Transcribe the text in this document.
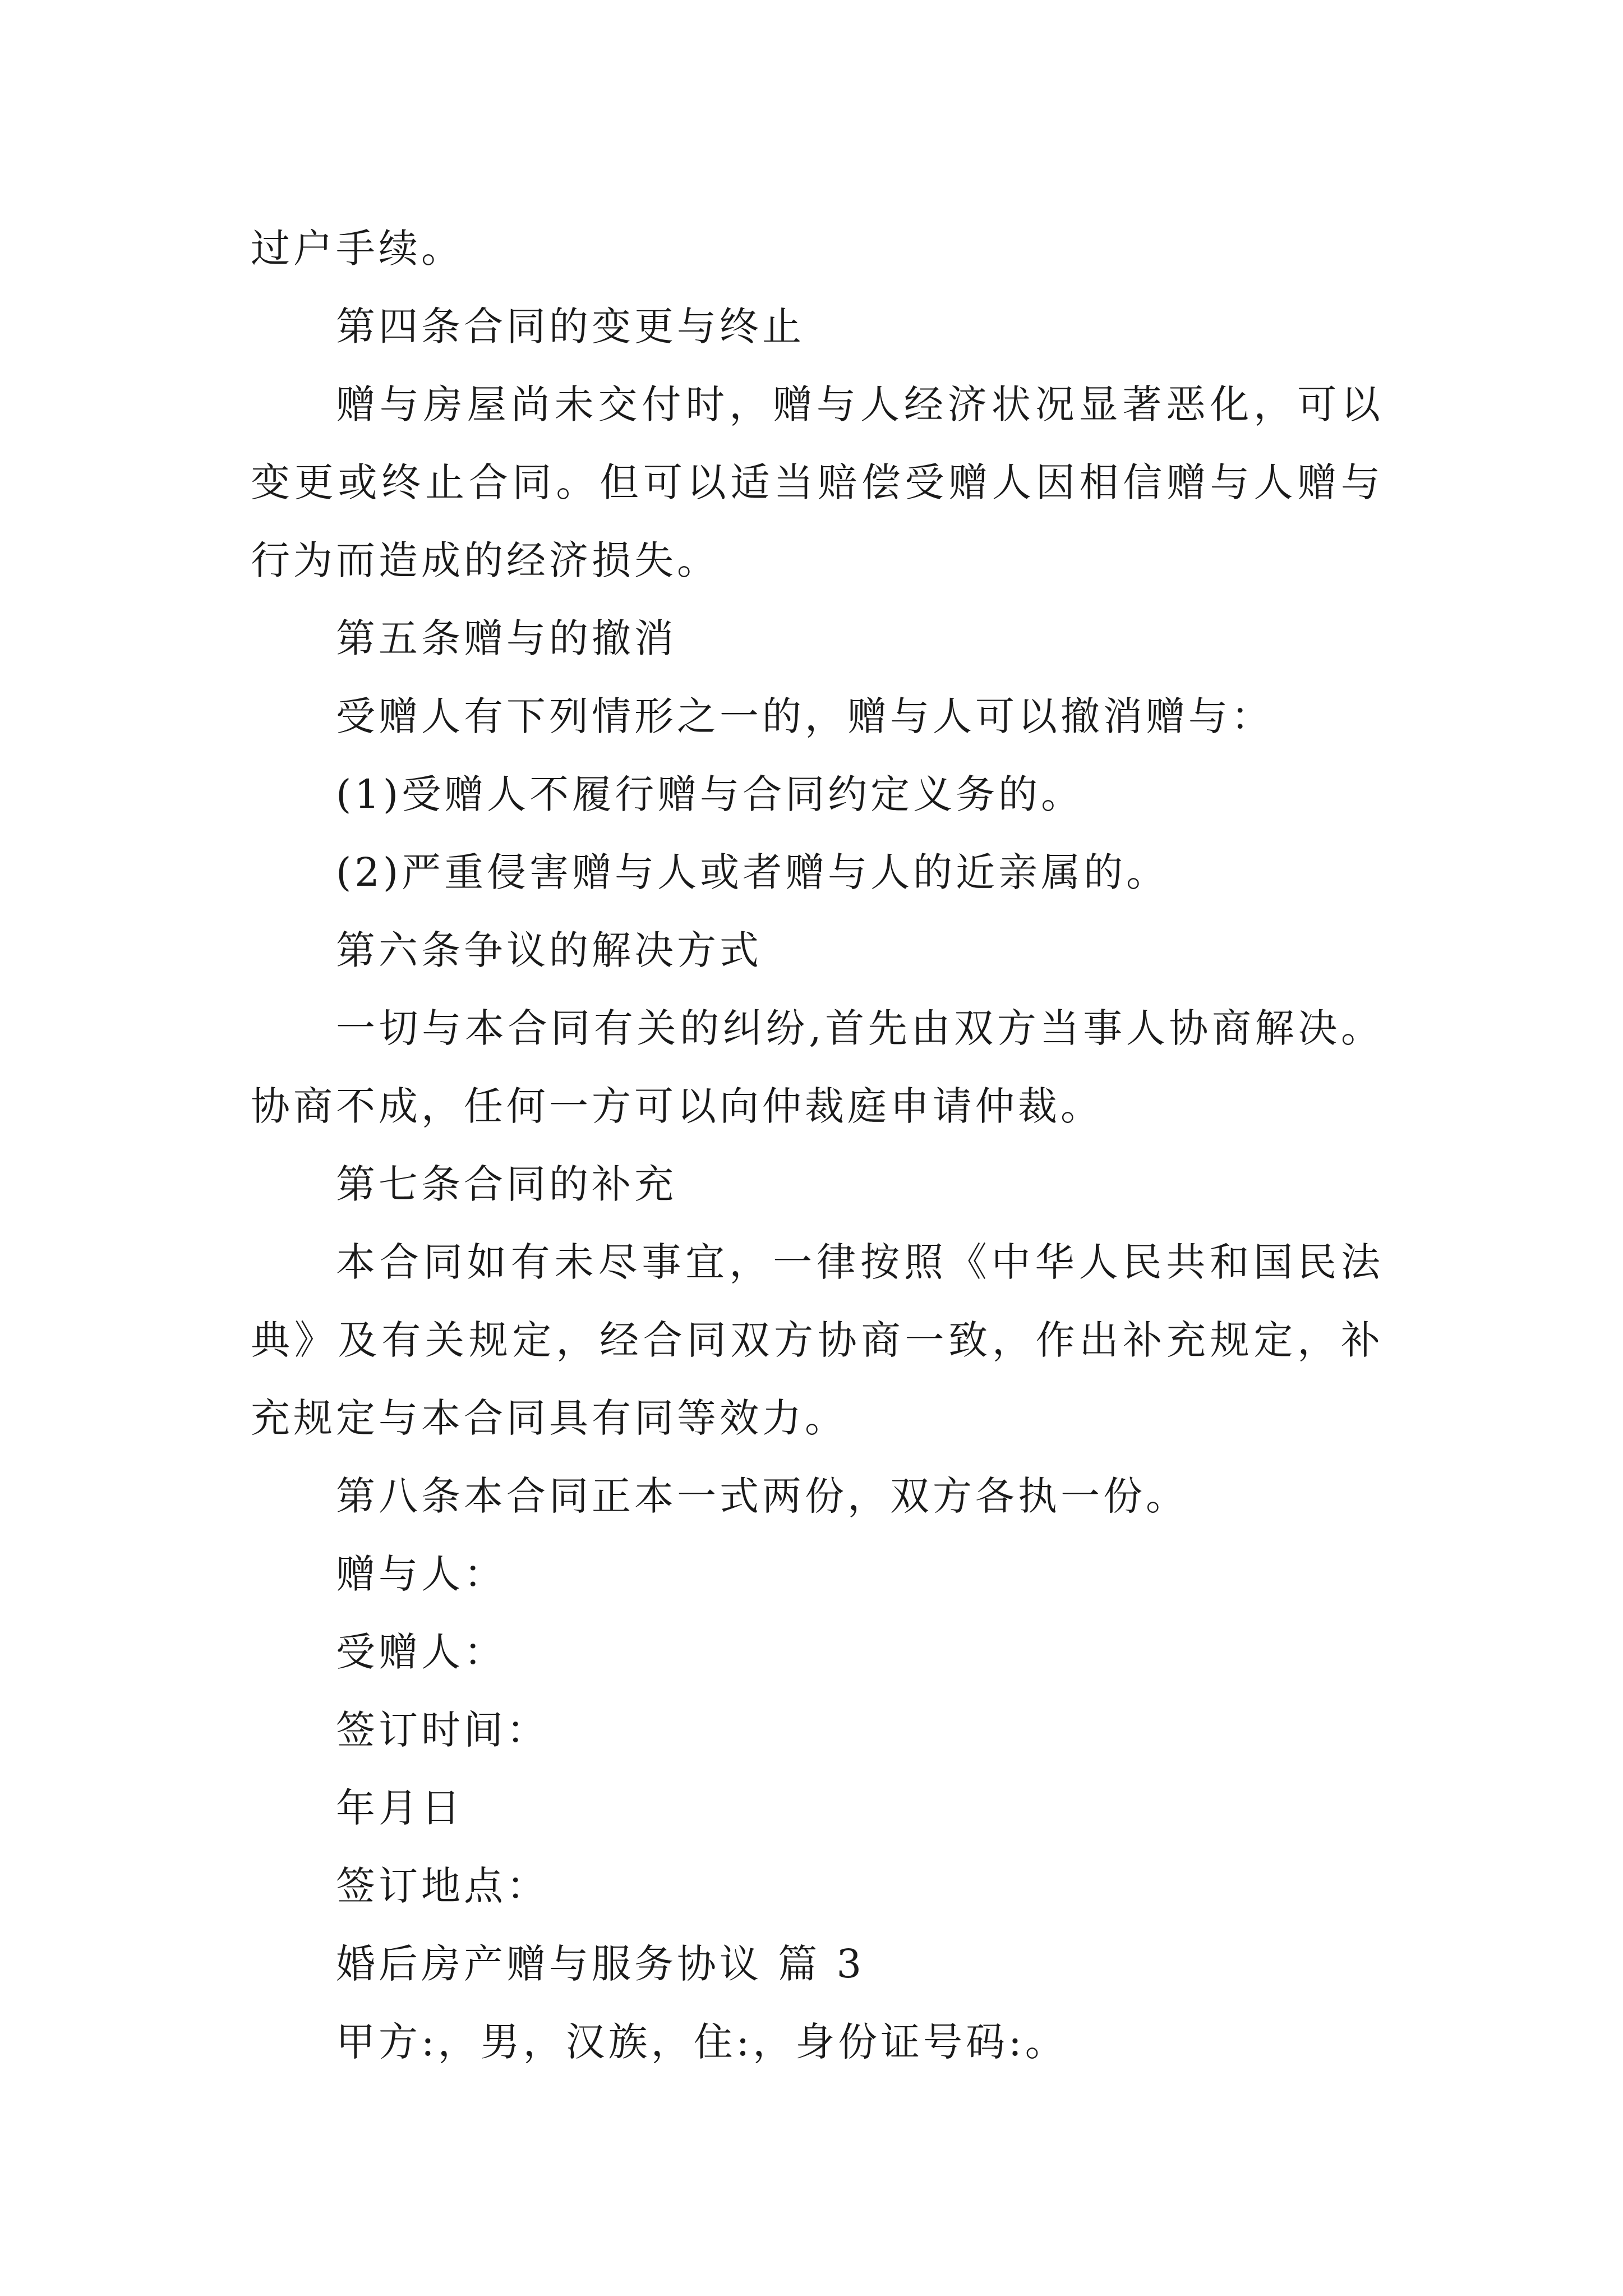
过户手续。

第四条合同的变更与终止

赠与房屋尚未交付时，赠与人经济状况显著恶化，可以变更或终止合同。但可以适当赔偿受赠人因相信赠与人赠与行为而造成的经济损失。

第五条赠与的撤消

受赠人有下列情形之一的，赠与人可以撤消赠与：

(1)受赠人不履行赠与合同约定义务的。

(2)严重侵害赠与人或者赠与人的近亲属的。

第六条争议的解决方式

一切与本合同有关的纠纷,首先由双方当事人协商解决。协商不成，任何一方可以向仲裁庭申请仲裁。

第七条合同的补充

本合同如有未尽事宜，一律按照《中华人民共和国民法典》及有关规定，经合同双方协商一致，作出补充规定，补充规定与本合同具有同等效力。

第八条本合同正本一式两份，双方各执一份。

赠与人：

受赠人：

签订时间：

年月日

签订地点：

婚后房产赠与服务协议 篇 3

甲方:，男，汉族，住:，身份证号码:。
